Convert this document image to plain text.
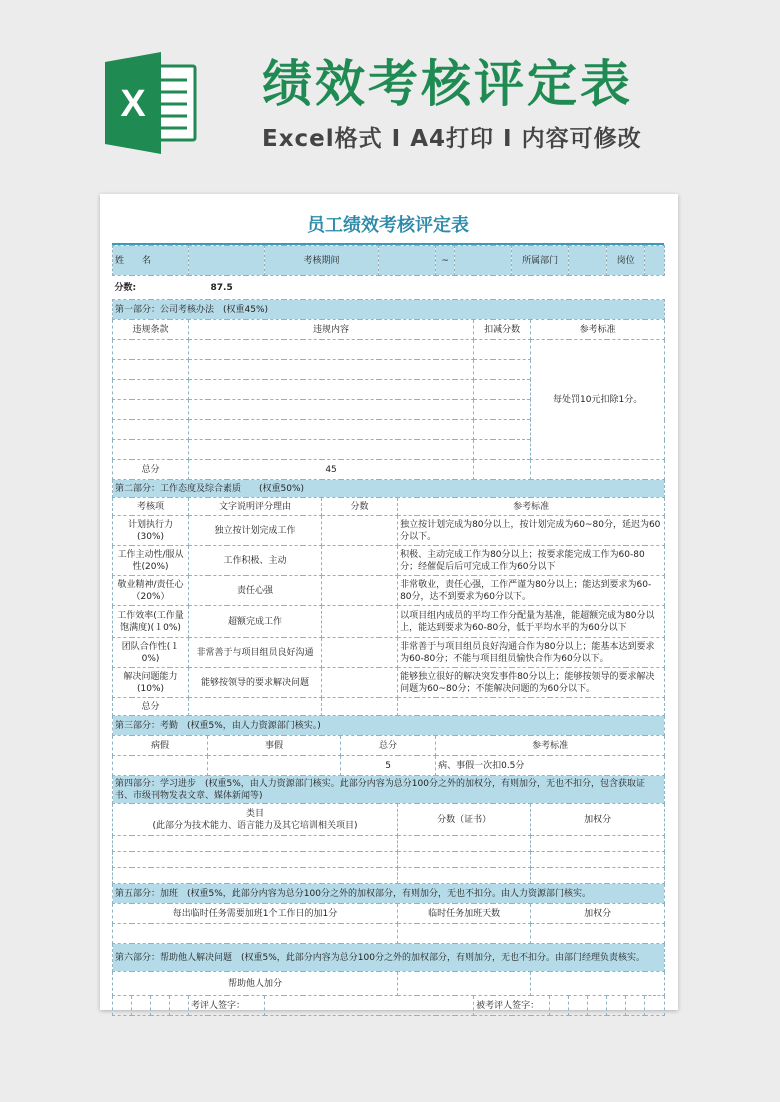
X 绩效考核评定表
Excel格式 I A4打印 I 内容可修改
员工绩效考核评定表
姓　　名						考核期间					~			所属部门					岗位		
分数:				87.5																	
第一部分：公司考核办法　(权重45%)																					
违规条款				违规内容									扣减分数		参考标准						
															每处罚10元扣除1分。						

总分				45																	
第二部分：工作态度及综合素质　　(权重50%)																					
考核项				文字说明评分理由			分数			参考标准											
计划执行力(30%)				独立按计划完成工作						独立按计划完成为80分以上，按计划完成为60~80分，延迟为60分以下。											
工作主动性/服从性(20%)				工作积极、主动						积极、主动完成工作为80分以上；按要求能完成工作为60-80分；经催促后后可完成工作为60分以下											
敬业精神/责任心（20%）				责任心强						非常敬业，责任心强，工作严谨为80分以上；能达到要求为60-80分，达不到要求为60分以下。											
工作效率(工作量饱满度)(１0%)				超额完成工作						以项目组内成员的平均工作分配量为基准，能超额完成为80分以上，能达到要求为60-80分，低于平均水平的为60分以下											
团队合作性(１0%)				非常善于与项目组员良好沟通						非常善于与项目组员良好沟通合作为80分以上；能基本达到要求为60-80分；不能与项目组员愉快合作为60分以下。											
解决问题能力(10%)				能够按领导的要求解决问题						能够独立很好的解决突发事件80分以上；能够按领导的要求解决问题为60~80分；不能解决问题的为60分以下。											
总分																					
第三部分：考勤　(权重5%，由人力资源部门核实。)																					
病假					事假			总分			参考标准										
								5			病、事假一次扣0.5分										
第四部分：学习进步　(权重5%，由人力资源部门核实。此部分内容为总分100分之外的加权分，有则加分，无也不扣分，包含获取证书、市级刊物发表文章、媒体新闻等)																					

类目
(此部分为技术能力、语言能力及其它培训相关项目)										分数（证书）					加权分						

第五部分：加班　(权重5%，此部分内容为总分100分之外的加权部分，有则加分，无也不扣分。由人力资源部门核实。																					
每出临时任务需要加班1个工作日的加1分										临时任务加班天数					加权分						

第六部分：帮助他人解决问题　(权重5%，此部分内容为总分100分之外的加权部分，有则加分，无也不扣分。由部门经理负责核实。																					
帮助他人加分																					
				考评人签字：									被考评人签字：								
